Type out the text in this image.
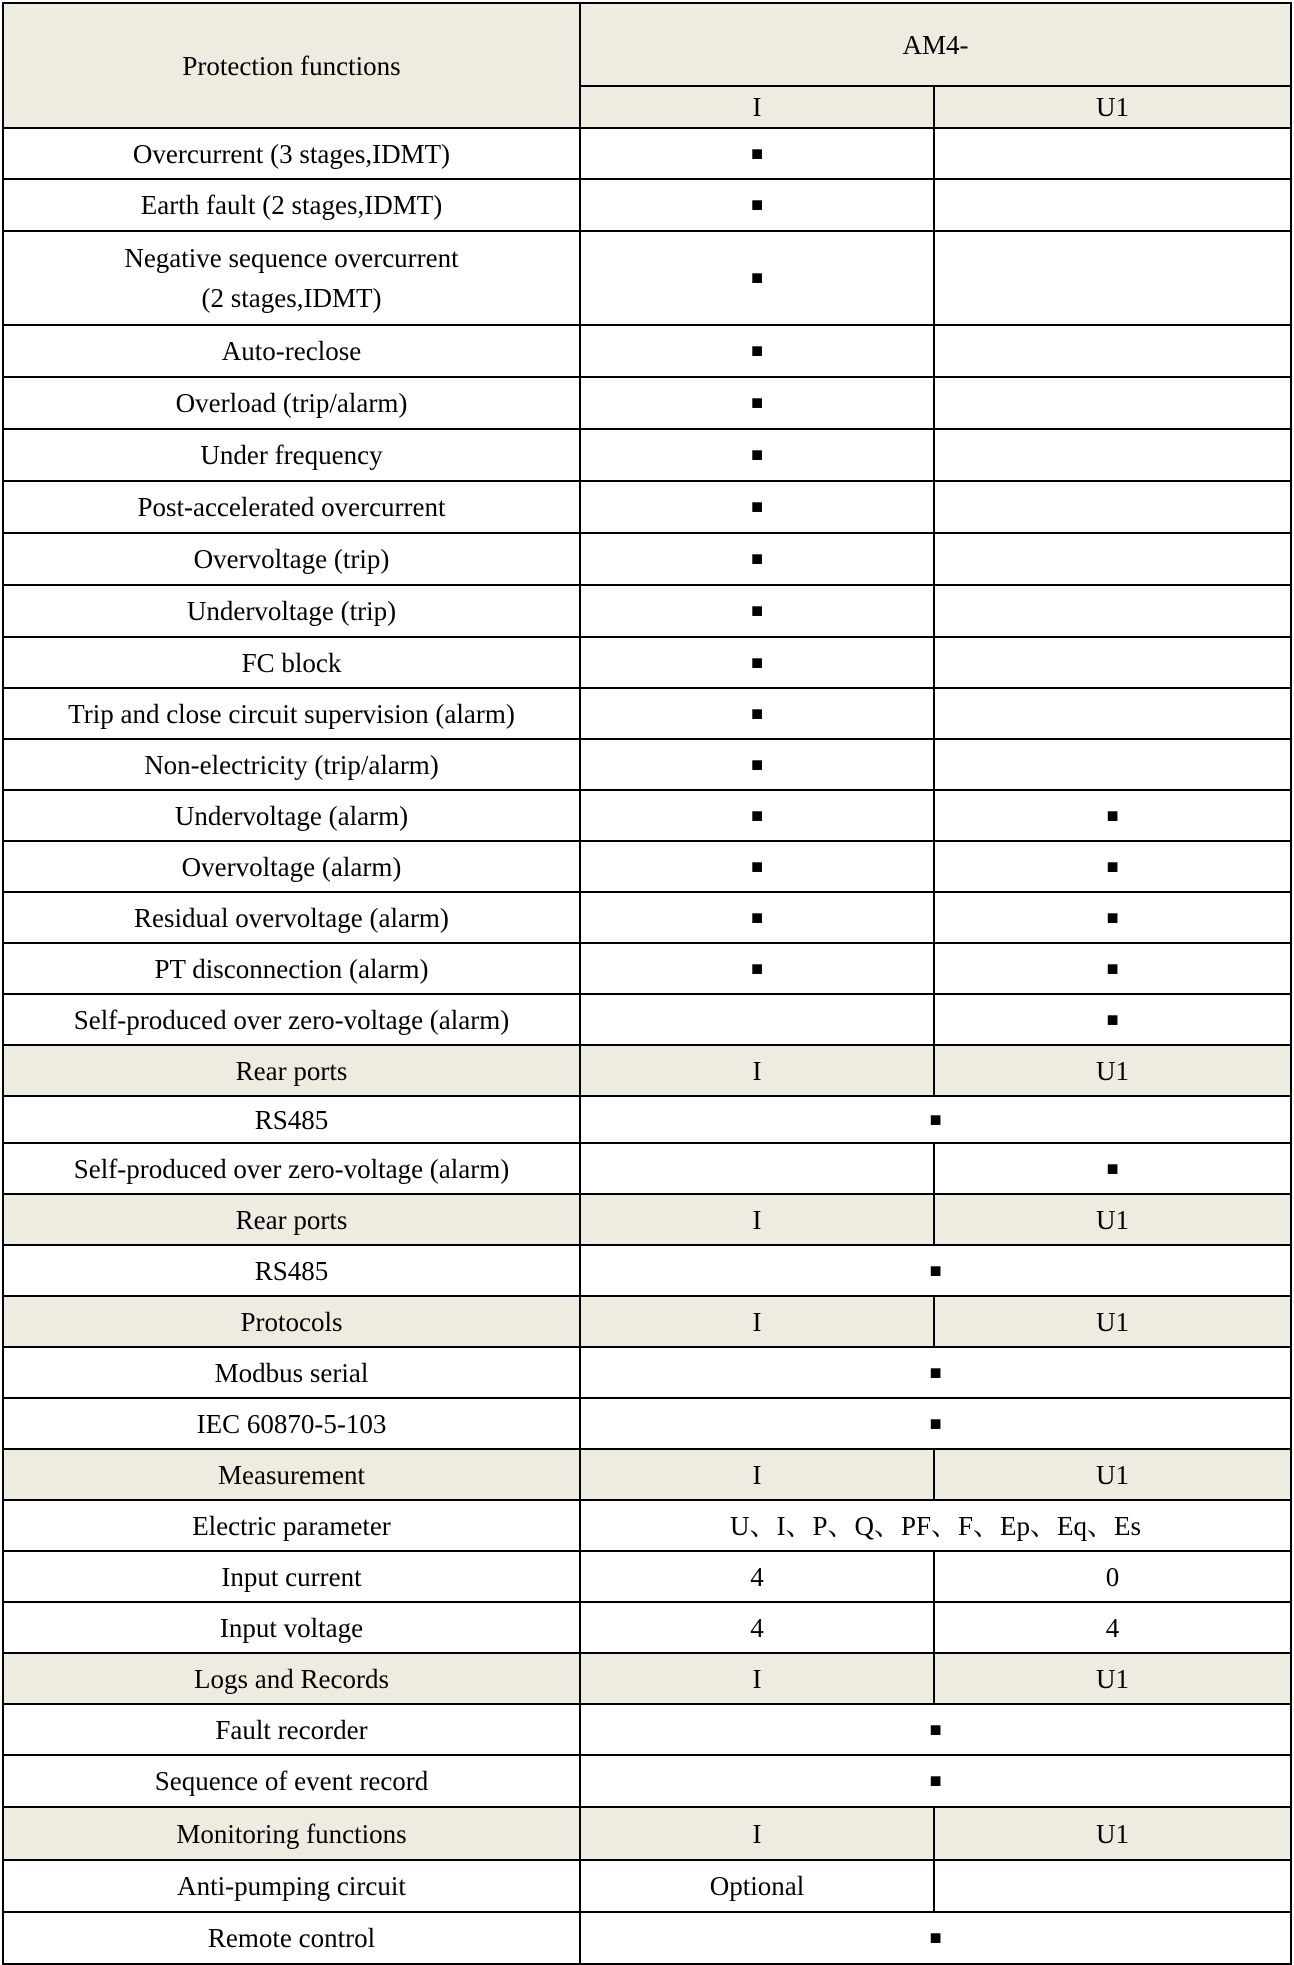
Protection functions	AM4-	
	I	U1
Overcurrent (3 stages,IDMT)	■	
Earth fault (2 stages,IDMT)	■	

Negative sequence overcurrent
(2 stages,IDMT)	■	
Auto-reclose	■	
Overload (trip/alarm)	■	
Under frequency	■	
Post-accelerated overcurrent	■	
Overvoltage (trip)	■	
Undervoltage (trip)	■	
FC block	■	
Trip and close circuit supervision (alarm)	■	
Non-electricity (trip/alarm)	■	
Undervoltage (alarm)	■	■
Overvoltage (alarm)	■	■
Residual overvoltage (alarm)	■	■
PT disconnection (alarm)	■	■
Self-produced over zero-voltage (alarm)		■
Rear ports	I	U1
RS485	■	
Self-produced over zero-voltage (alarm)		■
Rear ports	I	U1
RS485	■	
Protocols	I	U1
Modbus serial	■	
IEC 60870-5-103	■	
Measurement	I	U1
Electric parameter	U、I、P、Q、PF、F、Ep、Eq、Es	
Input current	4	0
Input voltage	4	4
Logs and Records	I	U1
Fault recorder	■	
Sequence of event record	■	
Monitoring functions	I	U1
Anti-pumping circuit	Optional	
Remote control	■	
